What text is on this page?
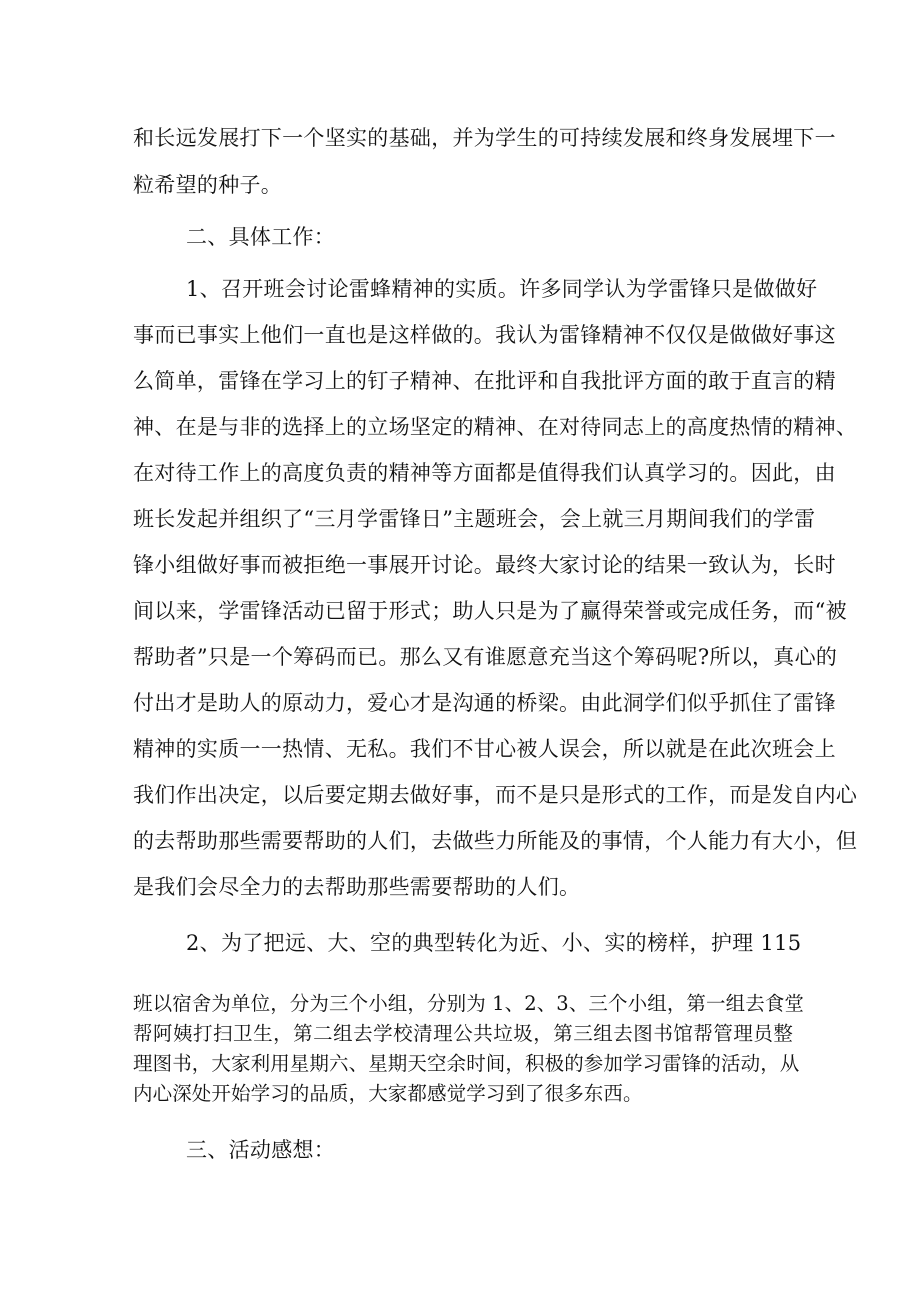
和长远发展打下一个坚实的基础，并为学生的可持续发展和终身发展埋下一
粒希望的种子。
二、具体工作：
1、召开班会讨论雷蜂精神的实质。许多同学认为学雷锋只是做做好
事而已事实上他们一直也是这样做的。我认为雷锋精神不仅仅是做做好事这
么简单，雷锋在学习上的钉子精神、在批评和自我批评方面的敢于直言的精
神、在是与非的选择上的立场坚定的精神、在对待同志上的高度热情的精神、
在对待工作上的高度负责的精神等方面都是值得我们认真学习的。因此，由
班长发起并组织了“三月学雷锋日”主题班会，会上就三月期间我们的学雷
锋小组做好事而被拒绝一事展开讨论。最终大家讨论的结果一致认为，长时
间以来，学雷锋活动已留于形式；助人只是为了赢得荣誉或完成任务，而“被
帮助者”只是一个筹码而已。那么又有谁愿意充当这个筹码呢?所以，真心的
付出才是助人的原动力，爱心才是沟通的桥梁。由此洞学们似乎抓住了雷锋
精神的实质一一热情、无私。我们不甘心被人误会，所以就是在此次班会上
我们作出决定，以后要定期去做好事，而不是只是形式的工作，而是发自内心
的去帮助那些需要帮助的人们，去做些力所能及的事情，个人能力有大小，但
是我们会尽全力的去帮助那些需要帮助的人们。
2、为了把远、大、空的典型转化为近、小、实的榜样，护理 115
班以宿舍为单位，分为三个小组，分别为 1、2、3、三个小组，第一组去食堂
帮阿姨打扫卫生，第二组去学校清理公共垃圾，第三组去图书馆帮管理员整
理图书，大家利用星期六、星期天空余时间，积极的参加学习雷锋的活动，从
内心深处开始学习的品质，大家都感觉学习到了很多东西。
三、活动感想：
